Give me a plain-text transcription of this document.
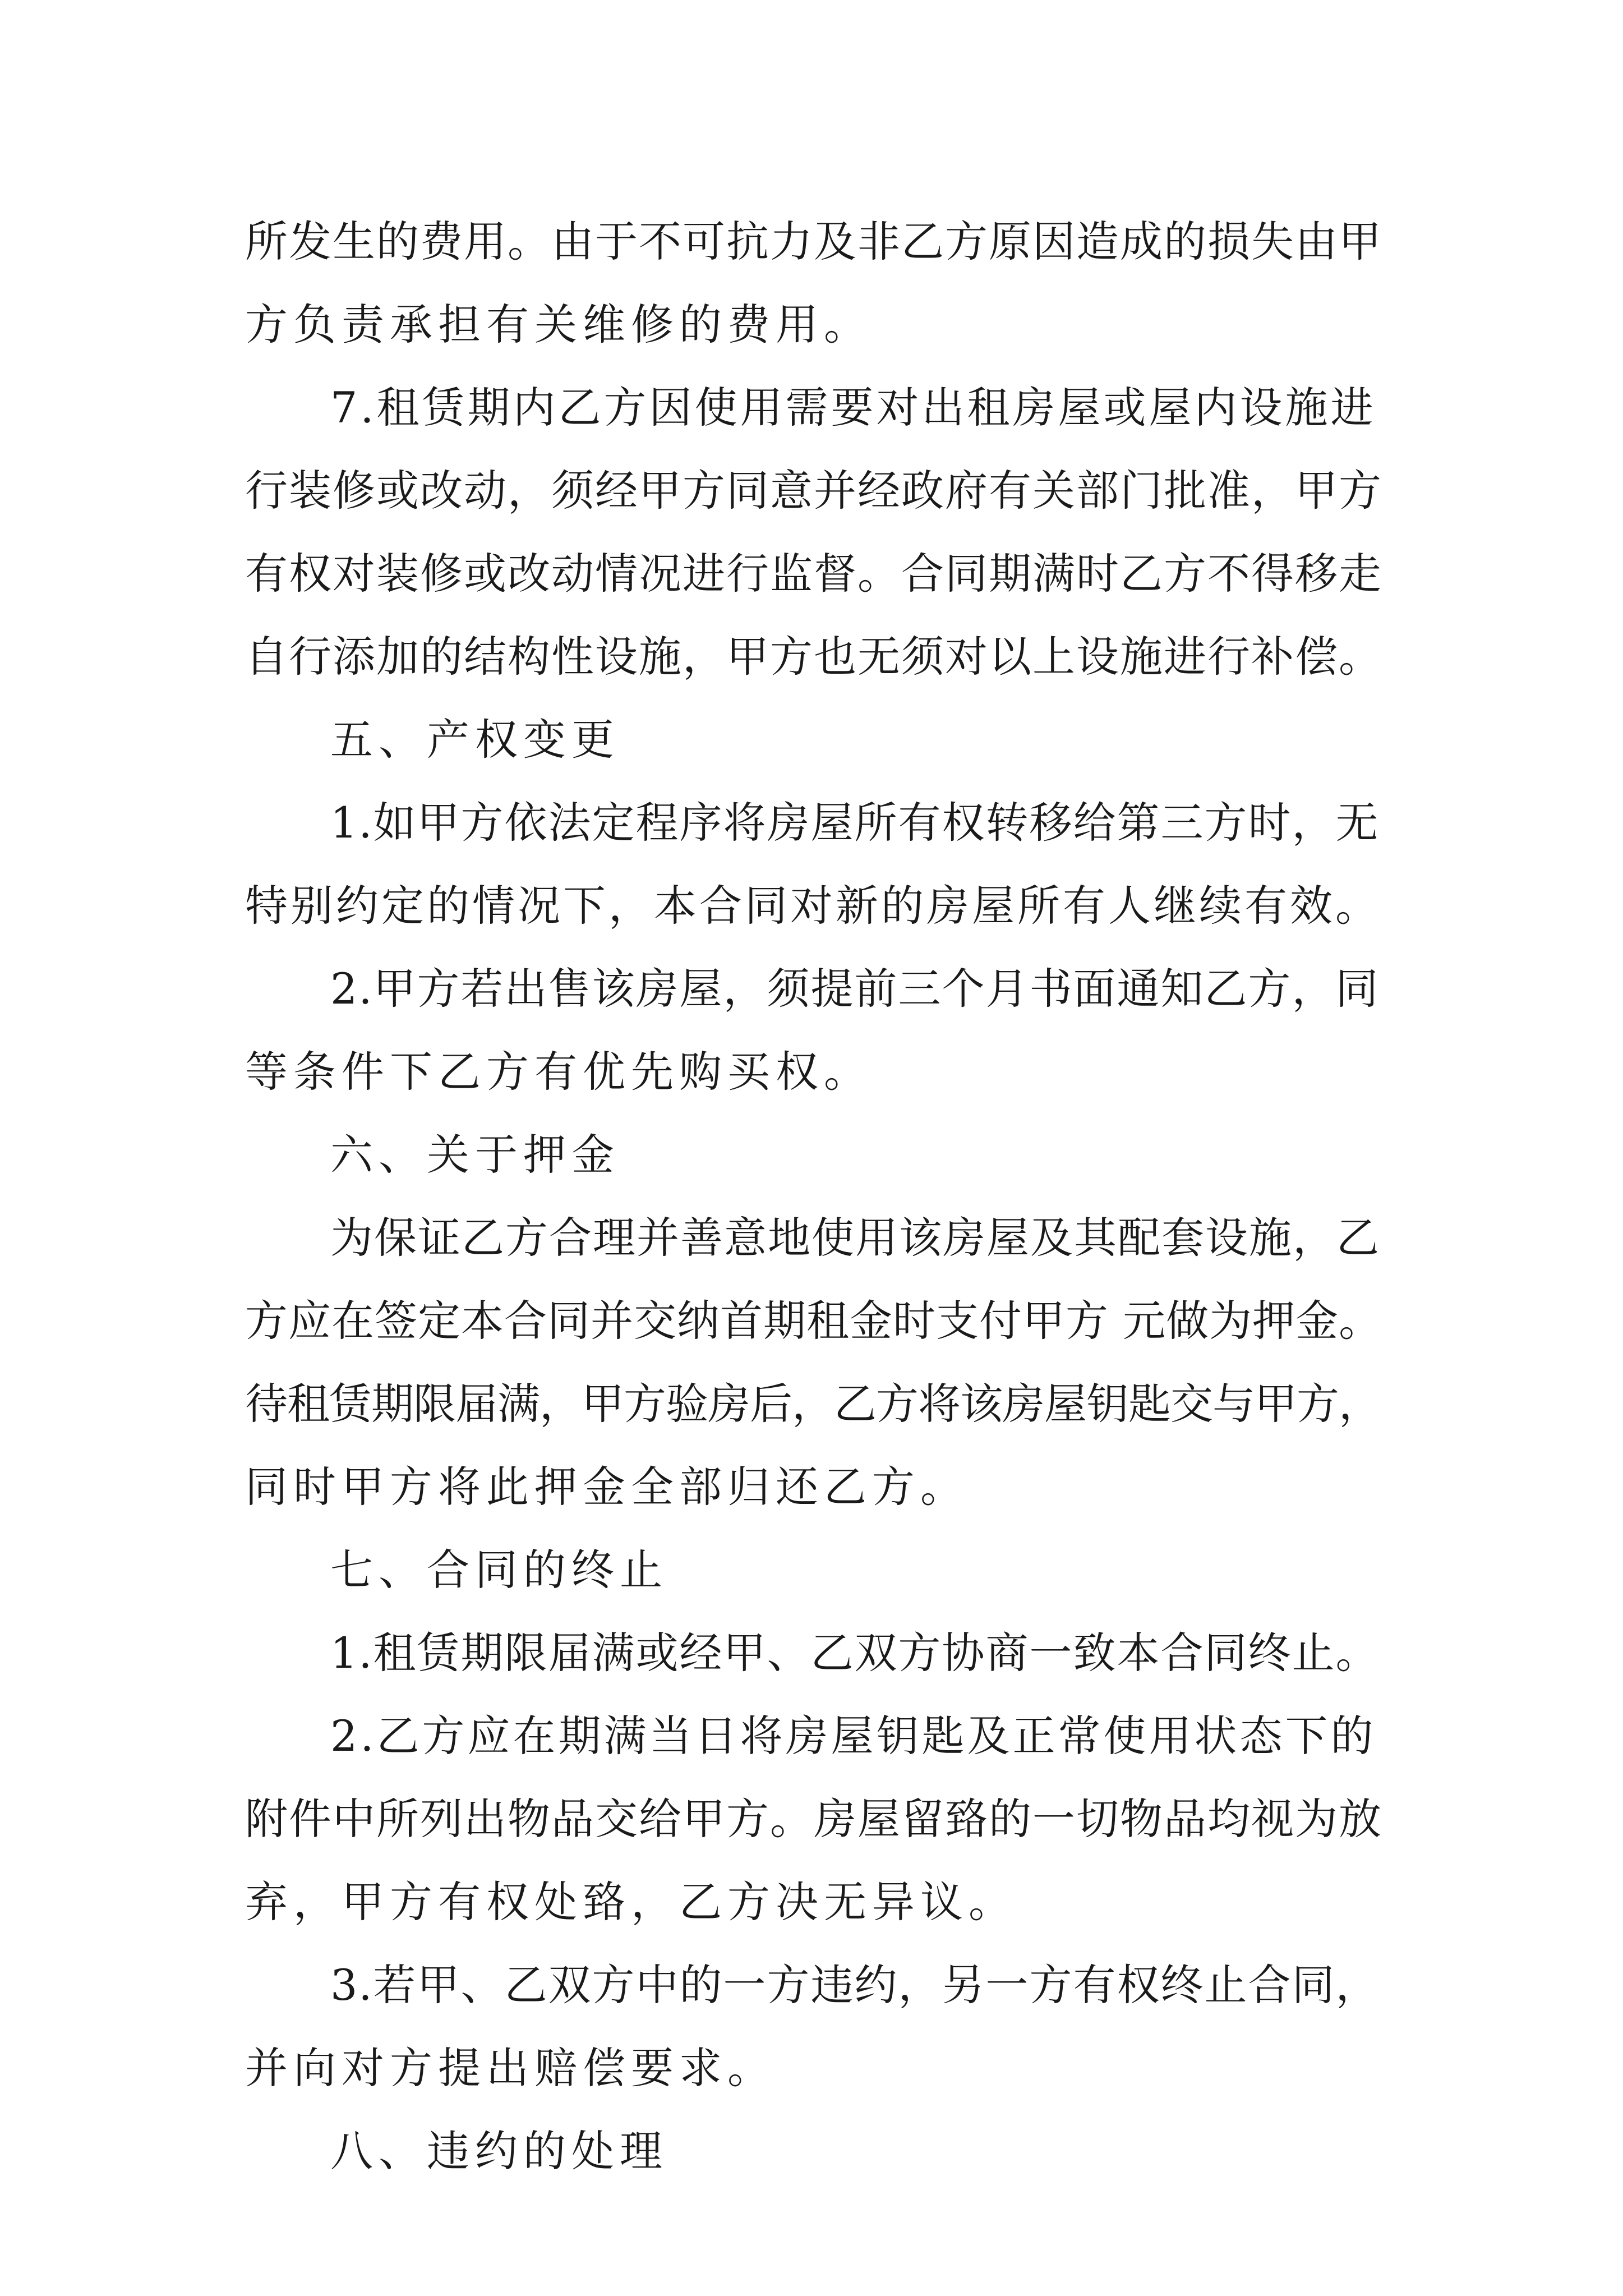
所发生的费用。由于不可抗力及非乙方原因造成的损失由甲
方负责承担有关维修的费用。
7.租赁期内乙方因使用需要对出租房屋或屋内设施进
行装修或改动，须经甲方同意并经政府有关部门批准，甲方
有权对装修或改动情况进行监督。合同期满时乙方不得移走
自行添加的结构性设施，甲方也无须对以上设施进行补偿。
五、产权变更
1.如甲方依法定程序将房屋所有权转移给第三方时，无
特别约定的情况下，本合同对新的房屋所有人继续有效。
2.甲方若出售该房屋，须提前三个月书面通知乙方，同
等条件下乙方有优先购买权。
六、关于押金
为保证乙方合理并善意地使用该房屋及其配套设施，乙
方应在签定本合同并交纳首期租金时支付甲方 元做为押金。
待租赁期限届满，甲方验房后，乙方将该房屋钥匙交与甲方，
同时甲方将此押金全部归还乙方。
七、合同的终止
1.租赁期限届满或经甲、乙双方协商一致本合同终止。
2.乙方应在期满当日将房屋钥匙及正常使用状态下的
附件中所列出物品交给甲方。房屋留臵的一切物品均视为放
弃，甲方有权处臵，乙方决无异议。
3.若甲、乙双方中的一方违约，另一方有权终止合同，
并向对方提出赔偿要求。
八、违约的处理
